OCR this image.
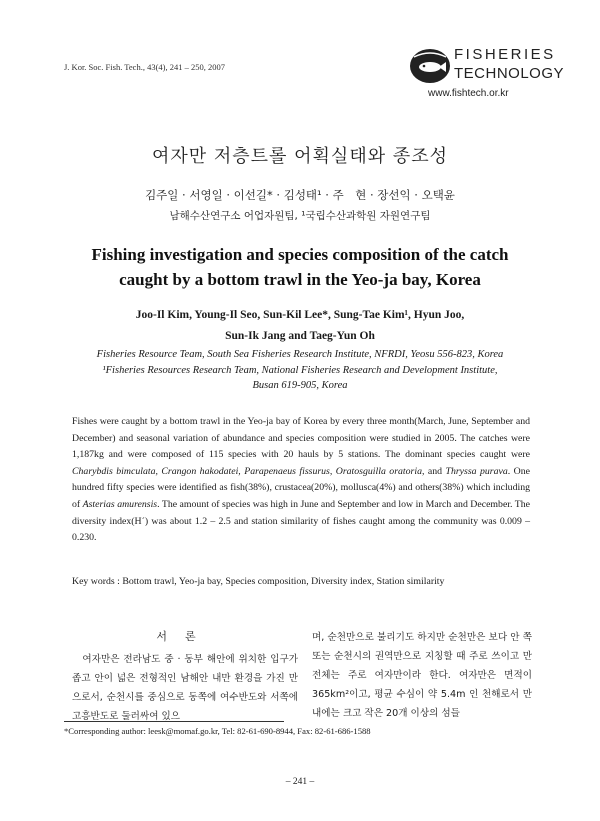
J. Kor. Soc. Fish. Tech., 43(4), 241 – 250, 2007
FISHERIES
TECHNOLOGY
www.fishtech.or.kr
여자만 저층트롤 어획실태와 종조성
김주일 · 서영일 · 이선길* · 김성태¹ · 주　현 · 장선익 · 오택윤
남해수산연구소 어업자원팀, ¹국립수산과학원 자원연구팀
Fishing investigation and species composition of the catch
caught by a bottom trawl in the Yeo-ja bay, Korea
Joo-Il Kim, Young-Il Seo, Sun-Kil Lee*, Sung-Tae Kim¹, Hyun Joo,
Sun-Ik Jang and Taeg-Yun Oh
Fisheries Resource Team, South Sea Fisheries Research Institute, NFRDI, Yeosu 556-823, Korea
¹Fisheries Resources Research Team, National Fisheries Research and Development Institute,
Busan 619-905, Korea

Fishes were caught by a bottom trawl in the Yeo-ja bay of Korea by every three month(March, June, September and December) and seasonal variation of abundance and species composition were studied in 2005. The catches were 1,187kg and were composed of 115 species with 20 hauls by 5 stations. The dominant species caught were Charybdis bimculata, Crangon hakodatei, Parapenaeus fissurus, Oratosguilla oratoria, and Thryssa purava. One hundred fifty species were identified as fish(38%), crustacea(20%), mollusca(4%) and others(38%) which including of Asterias amurensis. The amount of species was high in June and September and low in March and December. The diversity index(H´) was about 1.2 – 2.5 and station similarity of fishes caught among the community was 0.009 – 0.230.

Key words : Bottom trawl, Yeo-ja bay, Species composition, Diversity index, Station similarity
서론

　여자만은 전라남도 중 · 동부 해안에 위치한 입구가 좁고 안이 넓은 전형적인 남해안 내만 환경을 가진 만으로서, 순천시를 중심으로 동쪽에 여수반도와 서쪽에 고흥반도로 둘러싸여 있으

며, 순천만으로 불리기도 하지만 순천만은 보다 안 쪽 또는 순천시의 권역만으로 지칭할 때 주로 쓰이고 만 전체는 주로 여자만이라 한다. 여자만은 면적이 365km²이고, 평균 수심이 약 5.4m 인 천해로서 만내에는 크고 작은 20개 이상의 섬들

*Corresponding author: leesk@momaf.go.kr, Tel: 82-61-690-8944, Fax: 82-61-686-1588
– 241 –
